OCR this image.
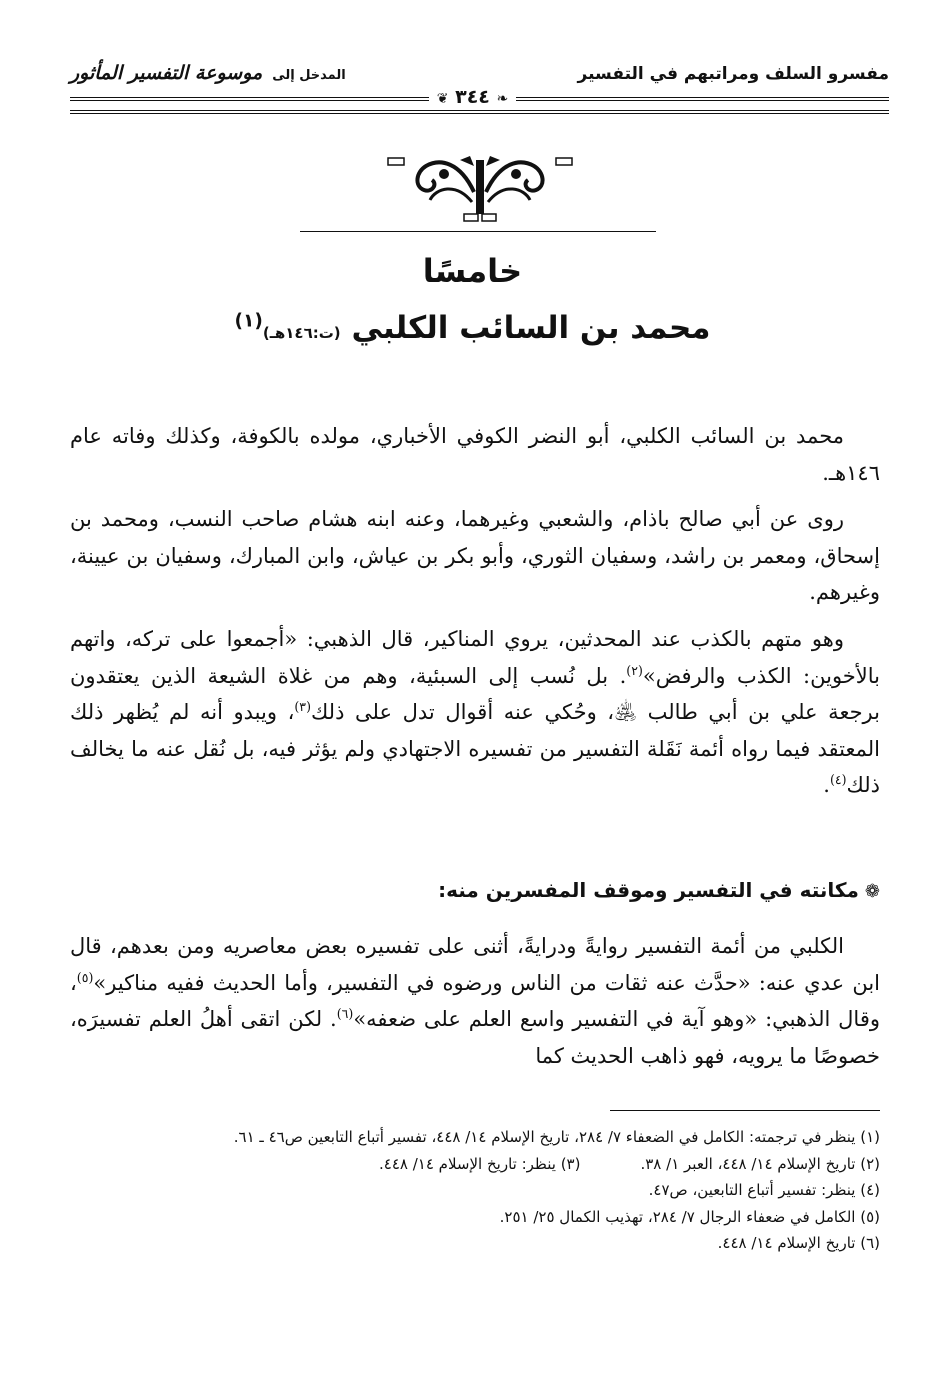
مفسرو السلف ومراتبهم في التفسير
المدخل إلى
موسوعة التفسير المأثور
❦ ٣٤٤ ❧
خامسًا
محمد بن السائب الكلبي (ت:١٤٦هـ)$^{(١)}$

محمد بن السائب الكلبي، أبو النضر الكوفي الأخباري، مولده بالكوفة، وكذلك وفاته عام ١٤٦هـ.

روى عن أبي صالح باذام، والشعبي وغيرهما، وعنه ابنه هشام صاحب النسب، ومحمد بن إسحاق، ومعمر بن راشد، وسفيان الثوري، وأبو بكر بن عياش، وابن المبارك، وسفيان بن عيينة، وغيرهم.

وهو متهم بالكذب عند المحدثين، يروي المناكير، قال الذهبي: «أجمعوا على تركه، واتهم بالأخوين: الكذب والرفض»$^{(٢)}$. بل نُسب إلى السبئية، وهم من غلاة الشيعة الذين يعتقدون برجعة علي بن أبي طالب ﵁، وحُكي عنه أقوال تدل على ذلك$^{(٣)}$، ويبدو أنه لم يُظهر ذلك المعتقد فيما رواه أئمة نَقَلة التفسير من تفسيره الاجتهادي ولم يؤثر فيه، بل نُقل عنه ما يخالف ذلك$^{(٤)}$.

❁مكانته في التفسير وموقف المفسرين منه:

الكلبي من أئمة التفسير روايةً ودرايةً، أثنى على تفسيره بعض معاصريه ومن بعدهم، قال ابن عدي عنه: «حدَّث عنه ثقات من الناس ورضوه في التفسير، وأما الحديث ففيه مناكير»$^{(٥)}$، وقال الذهبي: «وهو آية في التفسير واسع العلم على ضعفه»$^{(٦)}$. لكن اتقى أهلُ العلم تفسيرَه، خصوصًا ما يرويه، فهو ذاهب الحديث كما

(١) ينظر في ترجمته: الكامل في الضعفاء ٧/ ٢٨٤، تاريخ الإسلام ١٤/ ٤٤٨، تفسير أتباع التابعين ص٤٦ ـ ٦١.
(٢) تاريخ الإسلام ١٤/ ٤٤٨، العبر ١/ ٣٨.
(٣) ينظر: تاريخ الإسلام ١٤/ ٤٤٨.
(٤) ينظر: تفسير أتباع التابعين، ص٤٧.
(٥) الكامل في ضعفاء الرجال ٧/ ٢٨٤، تهذيب الكمال ٢٥/ ٢٥١.
(٦) تاريخ الإسلام ١٤/ ٤٤٨.
